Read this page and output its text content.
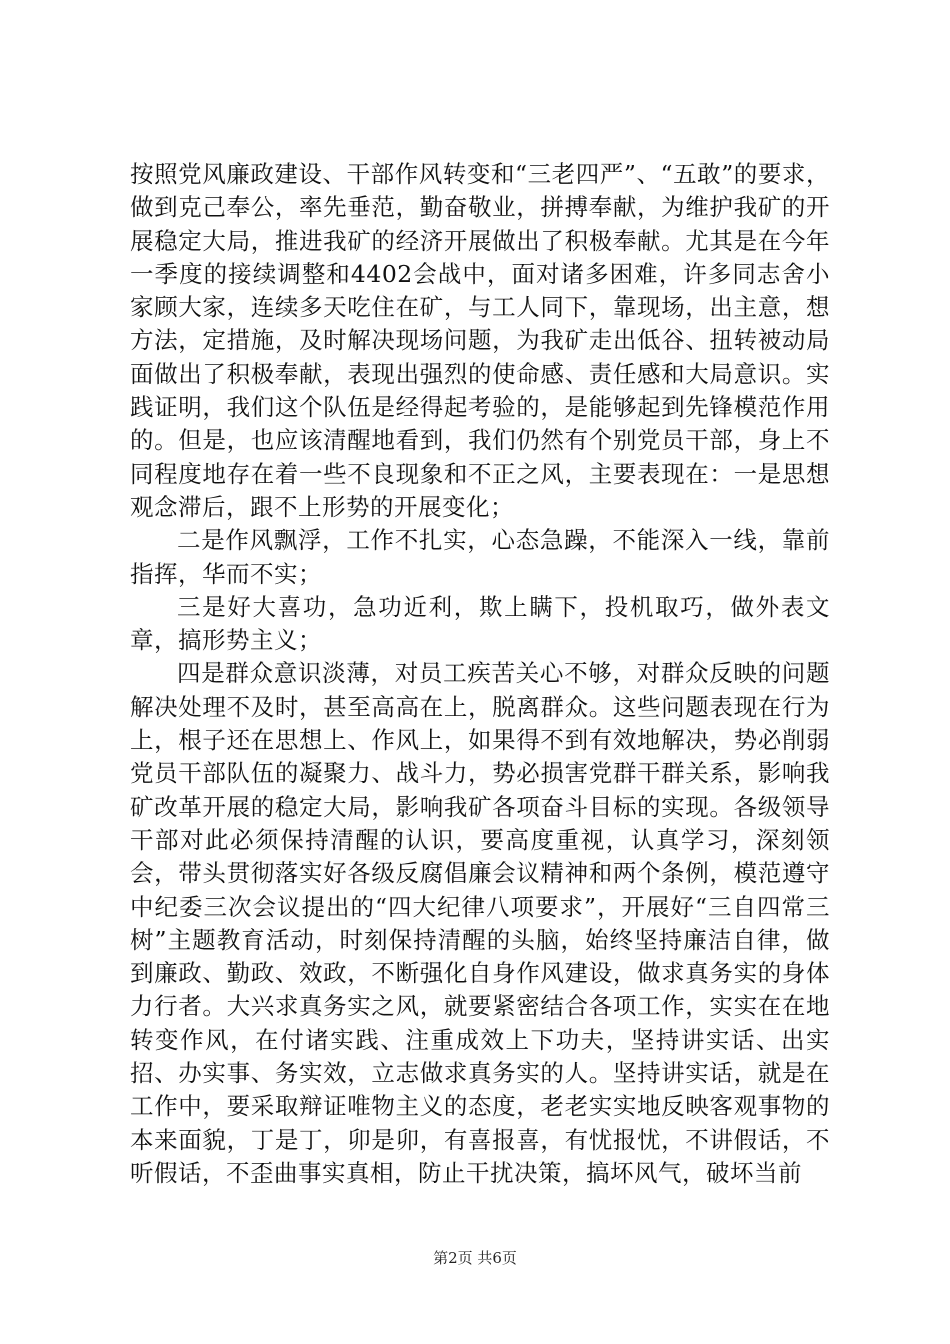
按照党风廉政建设、干部作风转变和“三老四严”、“五敢”的要求，做到克己奉公，率先垂范，勤奋敬业，拼搏奉献，为维护我矿的开展稳定大局，推进我矿的经济开展做出了积极奉献。尤其是在今年一季度的接续调整和4402会战中，面对诸多困难，许多同志舍小家顾大家，连续多天吃住在矿，与工人同下，靠现场，出主意，想方法，定措施，及时解决现场问题，为我矿走出低谷、扭转被动局面做出了积极奉献，表现出强烈的使命感、责任感和大局意识。实践证明，我们这个队伍是经得起考验的，是能够起到先锋模范作用的。但是，也应该清醒地看到，我们仍然有个别党员干部，身上不同程度地存在着一些不良现象和不正之风，主要表现在：一是思想观念滞后，跟不上形势的开展变化；

二是作风飘浮，工作不扎实，心态急躁，不能深入一线，靠前指挥，华而不实；

三是好大喜功，急功近利，欺上瞒下，投机取巧，做外表文章，搞形势主义；

四是群众意识淡薄，对员工疾苦关心不够，对群众反映的问题解决处理不及时，甚至高高在上，脱离群众。这些问题表现在行为上，根子还在思想上、作风上，如果得不到有效地解决，势必削弱党员干部队伍的凝聚力、战斗力，势必损害党群干群关系，影响我矿改革开展的稳定大局，影响我矿各项奋斗目标的实现。各级领导干部对此必须保持清醒的认识，要高度重视，认真学习，深刻领会，带头贯彻落实好各级反腐倡廉会议精神和两个条例，模范遵守中纪委三次会议提出的“四大纪律八项要求”，开展好“三自四常三树”主题教育活动，时刻保持清醒的头脑，始终坚持廉洁自律，做到廉政、勤政、效政，不断强化自身作风建设，做求真务实的身体力行者。大兴求真务实之风，就要紧密结合各项工作，实实在在地转变作风，在付诸实践、注重成效上下功夫，坚持讲实话、出实招、办实事、务实效，立志做求真务实的人。坚持讲实话，就是在工作中，要采取辩证唯物主义的态度，老老实实地反映客观事物的本来面貌，丁是丁，卯是卯，有喜报喜，有忧报忧，不讲假话，不听假话，不歪曲事实真相，防止干扰决策，搞坏风气，破坏当前

第2页 共6页
